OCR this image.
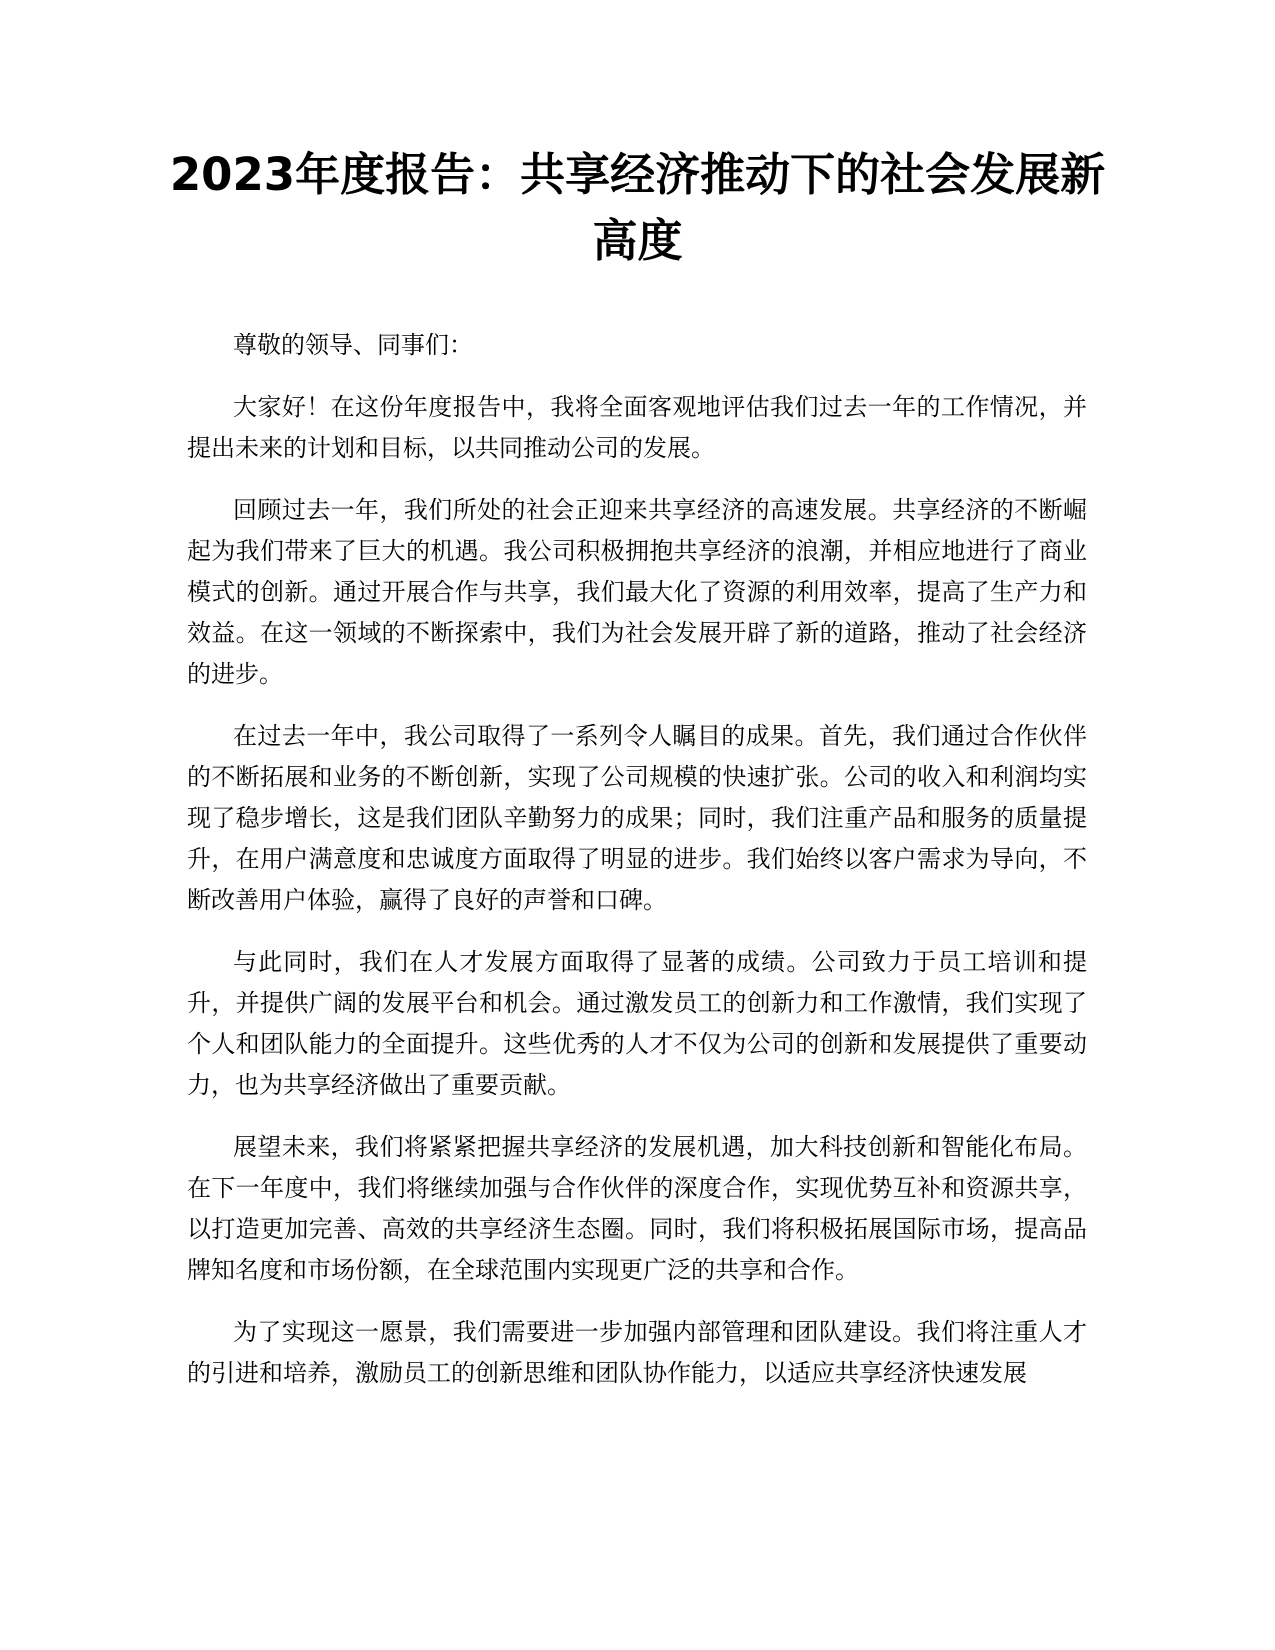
2023年度报告：共享经济推动下的社会发展新高度

尊敬的领导、同事们：

大家好！在这份年度报告中，我将全面客观地评估我们过去一年的工作情况，并提出未来的计划和目标，以共同推动公司的发展。

回顾过去一年，我们所处的社会正迎来共享经济的高速发展。共享经济的不断崛起为我们带来了巨大的机遇。我公司积极拥抱共享经济的浪潮，并相应地进行了商业模式的创新。通过开展合作与共享，我们最大化了资源的利用效率，提高了生产力和效益。在这一领域的不断探索中，我们为社会发展开辟了新的道路，推动了社会经济的进步。

在过去一年中，我公司取得了一系列令人瞩目的成果。首先，我们通过合作伙伴的不断拓展和业务的不断创新，实现了公司规模的快速扩张。公司的收入和利润均实现了稳步增长，这是我们团队辛勤努力的成果；同时，我们注重产品和服务的质量提升，在用户满意度和忠诚度方面取得了明显的进步。我们始终以客户需求为导向，不断改善用户体验，赢得了良好的声誉和口碑。

与此同时，我们在人才发展方面取得了显著的成绩。公司致力于员工培训和提升，并提供广阔的发展平台和机会。通过激发员工的创新力和工作激情，我们实现了个人和团队能力的全面提升。这些优秀的人才不仅为公司的创新和发展提供了重要动力，也为共享经济做出了重要贡献。

展望未来，我们将紧紧把握共享经济的发展机遇，加大科技创新和智能化布局。在下一年度中，我们将继续加强与合作伙伴的深度合作，实现优势互补和资源共享，以打造更加完善、高效的共享经济生态圈。同时，我们将积极拓展国际市场，提高品牌知名度和市场份额，在全球范围内实现更广泛的共享和合作。

为了实现这一愿景，我们需要进一步加强内部管理和团队建设。我们将注重人才的引进和培养，激励员工的创新思维和团队协作能力，以适应共享经济快速发展
